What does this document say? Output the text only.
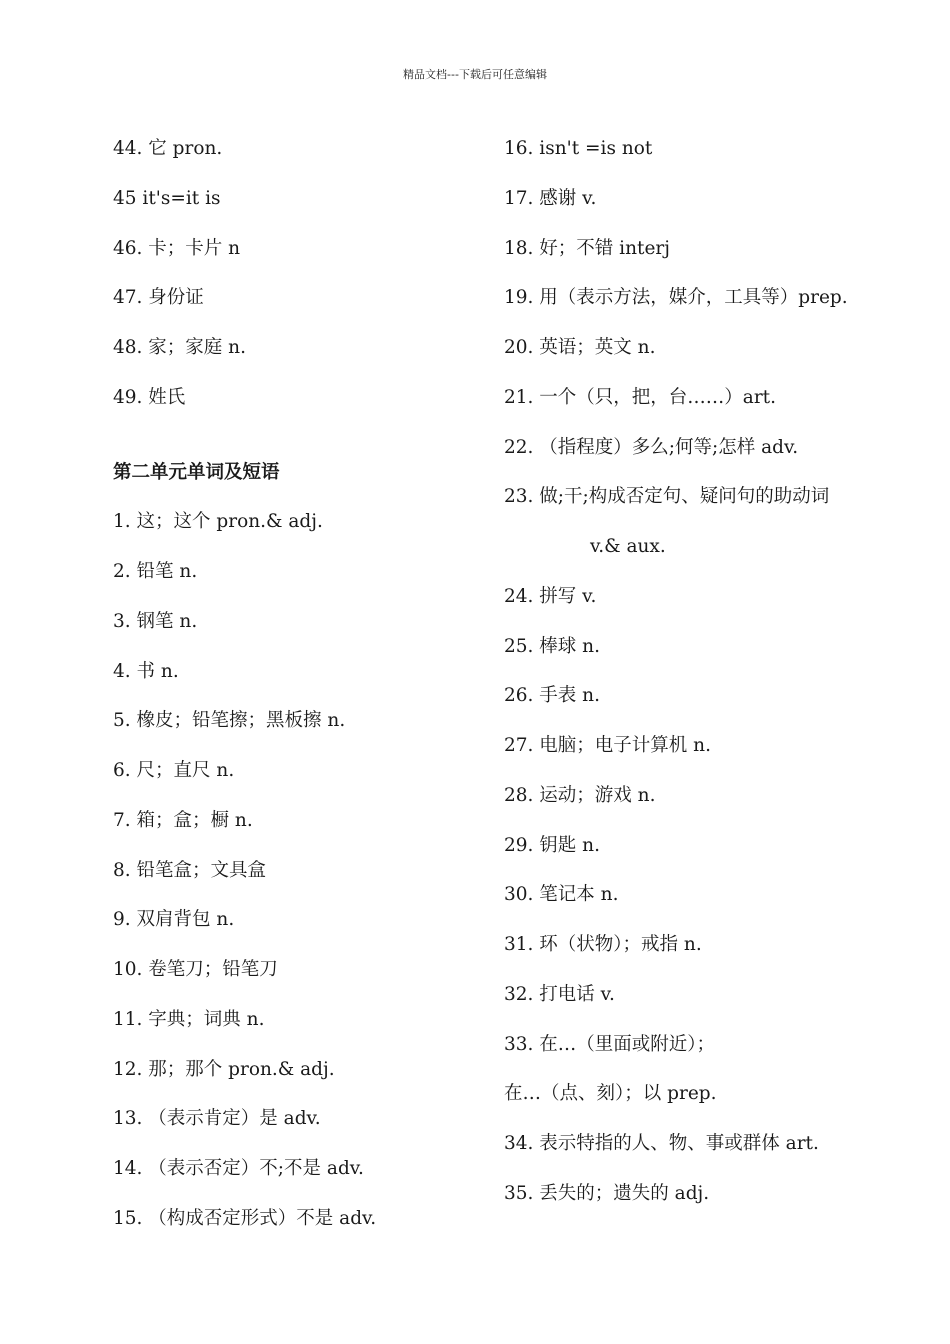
精品文档---下载后可任意编辑
44. 它 pron.
45 it's=it is
46. 卡；卡片 n
47. 身份证
48. 家；家庭 n.
49. 姓氏
第二单元单词及短语
1. 这；这个 pron.& adj.
2. 铅笔 n.
3. 钢笔 n.
4. 书 n.
5. 橡皮；铅笔擦；黑板擦 n.
6. 尺；直尺 n.
7. 箱；盒；橱 n.
8. 铅笔盒；文具盒
9. 双肩背包 n.
10. 卷笔刀；铅笔刀
11. 字典；词典 n.
12. 那；那个 pron.& adj.
13. （表示肯定）是 adv.
14. （表示否定）不;不是 adv.
15. （构成否定形式）不是 adv.
16. isn't =is not
17. 感谢 v.
18. 好；不错 interj
19. 用（表示方法，媒介，工具等）prep.
20. 英语；英文 n.
21. 一个（只，把，台……）art.
22. （指程度）多么;何等;怎样 adv.
23. 做;干;构成否定句、疑问句的助动词
v.& aux.
24. 拼写 v.
25. 棒球 n.
26. 手表 n.
27. 电脑；电子计算机 n.
28. 运动；游戏 n.
29. 钥匙 n.
30. 笔记本 n.
31. 环（状物）；戒指 n.
32. 打电话 v.
33. 在…（里面或附近）；
在…（点、刻）；以 prep.
34. 表示特指的人、物、事或群体 art.
35. 丢失的；遗失的 adj.
